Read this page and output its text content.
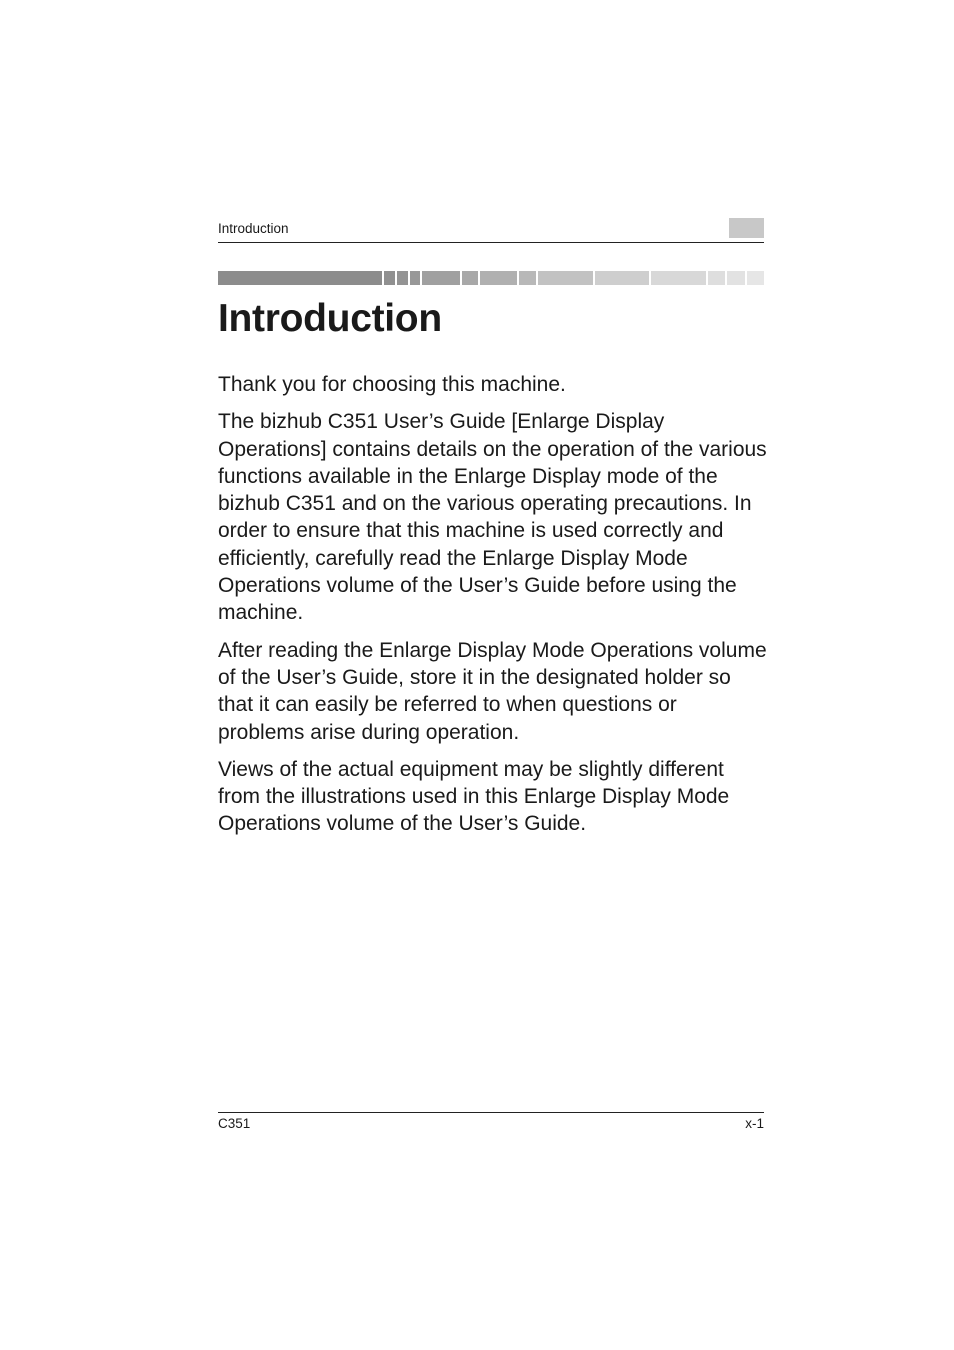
Introduction
Introduction

Thank you for choosing this machine.

The bizhub C351 User’s Guide [Enlarge Display Operations] contains details on the operation of the various functions available in the Enlarge Display mode of the bizhub C351 and on the various operating precautions. In order to ensure that this machine is used correctly and efficiently, carefully read the Enlarge Display Mode Operations volume of the User’s Guide before using the machine.

After reading the Enlarge Display Mode Operations volume of the User’s Guide, store it in the designated holder so that it can easily be referred to when questions or problems arise during operation.

Views of the actual equipment may be slightly different from the illustrations used in this Enlarge Display Mode Operations volume of the User’s Guide.

C351	x-1
